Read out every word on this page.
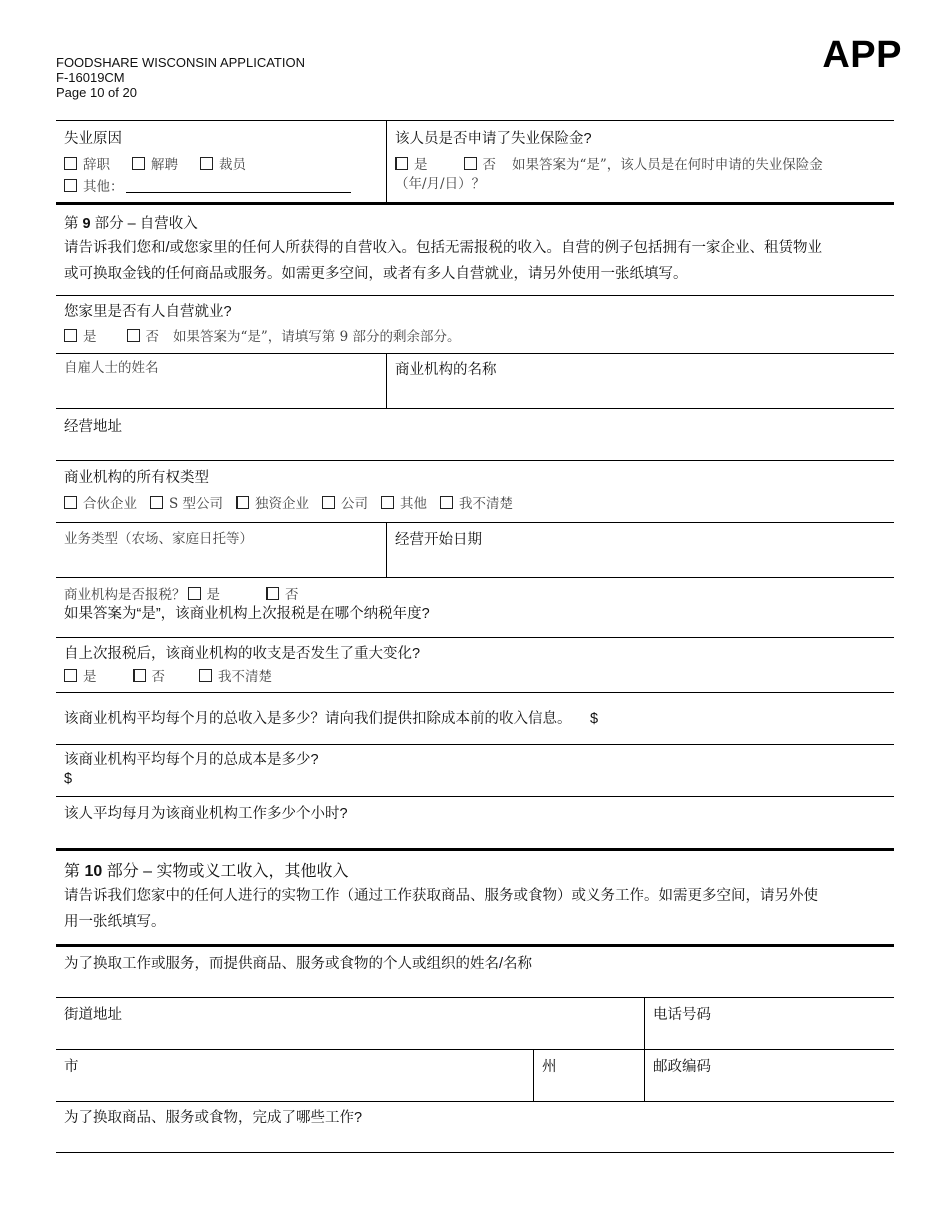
FOODSHARE WISCONSIN APPLICATION
F-16019CM
Page 10 of 20
APP
失业原因
辞职	解聘	裁员
其他：
该人员是否申请了失业保险金?
是	否 如果答案为“是”，该人员是在何时申请的失业保险金
（年/月/日）？
第 9 部分 – 自营收入
请告诉我们您和/或您家里的任何人所获得的自营收入。包括无需报税的收入。自营的例子包括拥有一家企业、租赁物业
或可换取金钱的任何商品或服务。如需更多空间，或者有多人自营就业，请另外使用一张纸填写。
您家里是否有人自营就业?
是	否 如果答案为“是”，请填写第 9 部分的剩余部分。
自雇人士的姓名	商业机构的名称
经营地址
商业机构的所有权类型
合伙企业 S 型公司 独资企业 公司 其他 我不清楚
业务类型（农场、家庭日托等）	经营开始日期
商业机构是否报税？ 是	否
如果答案为“是”，该商业机构上次报税是在哪个纳税年度?
自上次报税后，该商业机构的收支是否发生了重大变化?
是	否	我不清楚
该商业机构平均每个月的总收入是多少？请向我们提供扣除成本前的收入信息。 $
该商业机构平均每个月的总成本是多少?
$
该人平均每月为该商业机构工作多少个小时?
第 10 部分 – 实物或义工收入，其他收入
请告诉我们您家中的任何人进行的实物工作（通过工作获取商品、服务或食物）或义务工作。如需更多空间，请另外使
用一张纸填写。
为了换取工作或服务，而提供商品、服务或食物的个人或组织的姓名/名称
街道地址	电话号码
市	州	邮政编码
为了换取商品、服务或食物，完成了哪些工作?
